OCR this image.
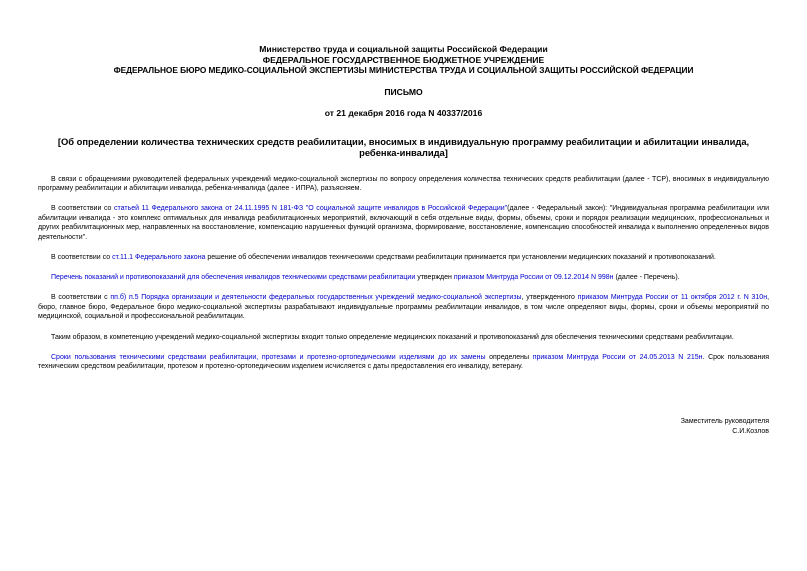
Министерство труда и социальной защиты Российской Федерации
ФЕДЕРАЛЬНОЕ ГОСУДАРСТВЕННОЕ БЮДЖЕТНОЕ УЧРЕЖДЕНИЕ
ФЕДЕРАЛЬНОЕ БЮРО МЕДИКО-СОЦИАЛЬНОЙ ЭКСПЕРТИЗЫ МИНИСТЕРСТВА ТРУДА И СОЦИАЛЬНОЙ ЗАЩИТЫ РОССИЙСКОЙ ФЕДЕРАЦИИ
ПИСЬМО
от 21 декабря 2016 года N 40337/2016
[Об определении количества технических средств реабилитации, вносимых в индивидуальную программу реабилитации и абилитации инвалида, ребенка-инвалида]

В связи с обращениями руководителей федеральных учреждений медико-социальной экспертизы по вопросу определения количества технических средств реабилитации (далее - ТСР), вносимых в индивидуальную программу реабилитации и абилитации инвалида, ребенка-инвалида (далее - ИПРА), разъясняем.

В соответствии со статьей 11 Федерального закона от 24.11.1995 N 181-ФЗ "О социальной защите инвалидов в Российской Федерации"(далее - Федеральный закон): "Индивидуальная программа реабилитации или абилитации инвалида - это комплекс оптимальных для инвалида реабилитационных мероприятий, включающий в себя отдельные виды, формы, объемы, сроки и порядок реализации медицинских, профессиональных и других реабилитационных мер, направленных на восстановление, компенсацию нарушенных функций организма, формирование, восстановление, компенсацию способностей инвалида к выполнению определенных видов деятельности".

В соответствии со ст.11.1 Федерального закона решение об обеспечении инвалидов техническими средствами реабилитации принимается при установлении медицинских показаний и противопоказаний.

Перечень показаний и противопоказаний для обеспечения инвалидов техническими средствами реабилитации утвержден приказом Минтруда России от 09.12.2014 N 998н (далее - Перечень).

В соответствии с пп.б) п.5 Порядка организации и деятельности федеральных государственных учреждений медико-социальной экспертизы, утвержденного приказом Минтруда России от 11 октября 2012 г. N 310н, бюро, главное бюро, Федеральное бюро медико-социальной экспертизы разрабатывают индивидуальные программы реабилитации инвалидов, в том числе определяют виды, формы, сроки и объемы мероприятий по медицинской, социальной и профессиональной реабилитации.

Таким образом, в компетенцию учреждений медико-социальной экспертизы входит только определение медицинских показаний и противопоказаний для обеспечения техническими средствами реабилитации.

Сроки пользования техническими средствами реабилитации, протезами и протезно-ортопедическими изделиями до их замены определены приказом Минтруда России от 24.05.2013 N 215н. Срок пользования техническим средством реабилитации, протезом и протезно-ортопедическим изделием исчисляется с даты предоставления его инвалиду, ветерану.

Заместитель руководителя
С.И.Козлов
